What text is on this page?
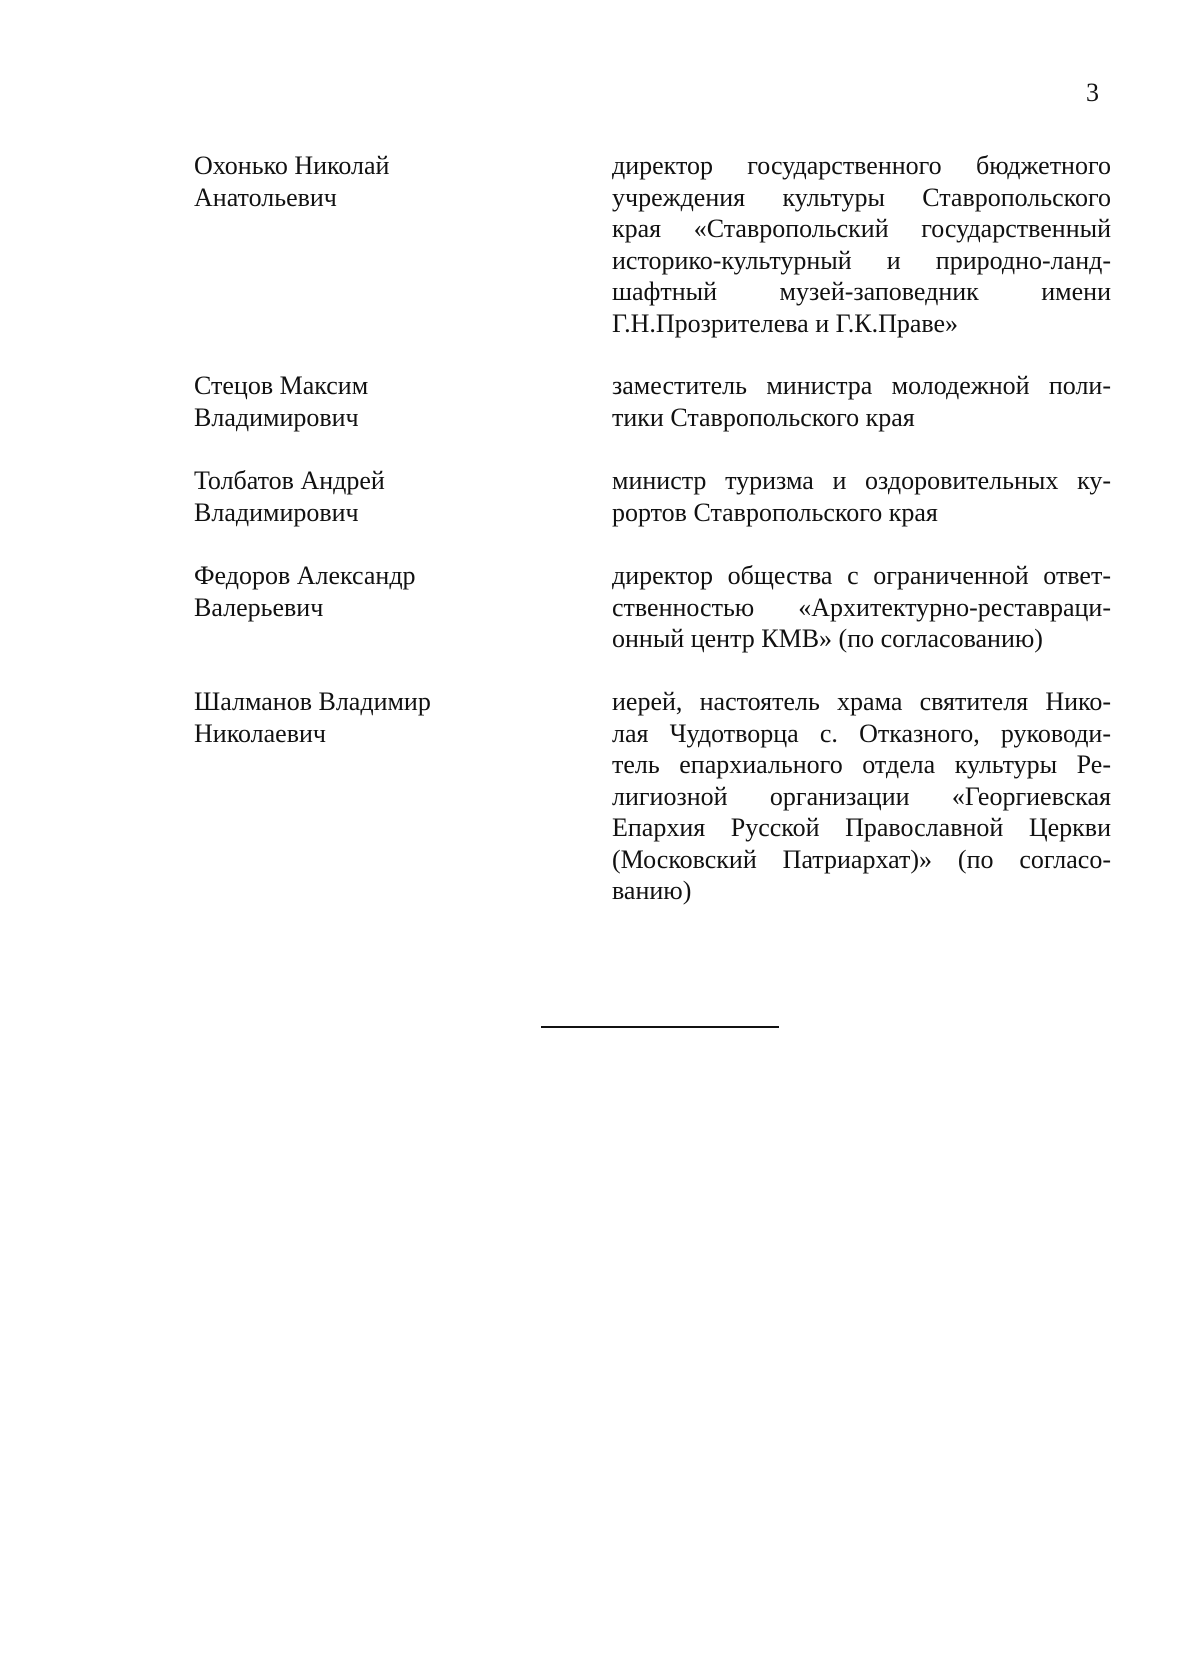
3
Охонько Николай
Анатольевич
директор государственного бюджетного
учреждения культуры Ставропольского
края «Ставропольский государственный
историко-культурный и природно-ланд-
шафтный музей-заповедник имени
Г.Н.Прозрителева и Г.К.Праве»
Стецов Максим
Владимирович
заместитель министра молодежной поли-
тики Ставропольского края
Толбатов Андрей
Владимирович
министр туризма и оздоровительных ку-
рортов Ставропольского края
Федоров Александр
Валерьевич
директор общества с ограниченной ответ-
ственностью «Архитектурно-реставраци-
онный центр КМВ» (по согласованию)
Шалманов Владимир
Николаевич
иерей, настоятель храма святителя Нико-
лая Чудотворца с. Отказного, руководи-
тель епархиального отдела культуры Ре-
лигиозной организации «Георгиевская
Епархия Русской Православной Церкви
(Московский Патриархат)» (по согласо-
ванию)
